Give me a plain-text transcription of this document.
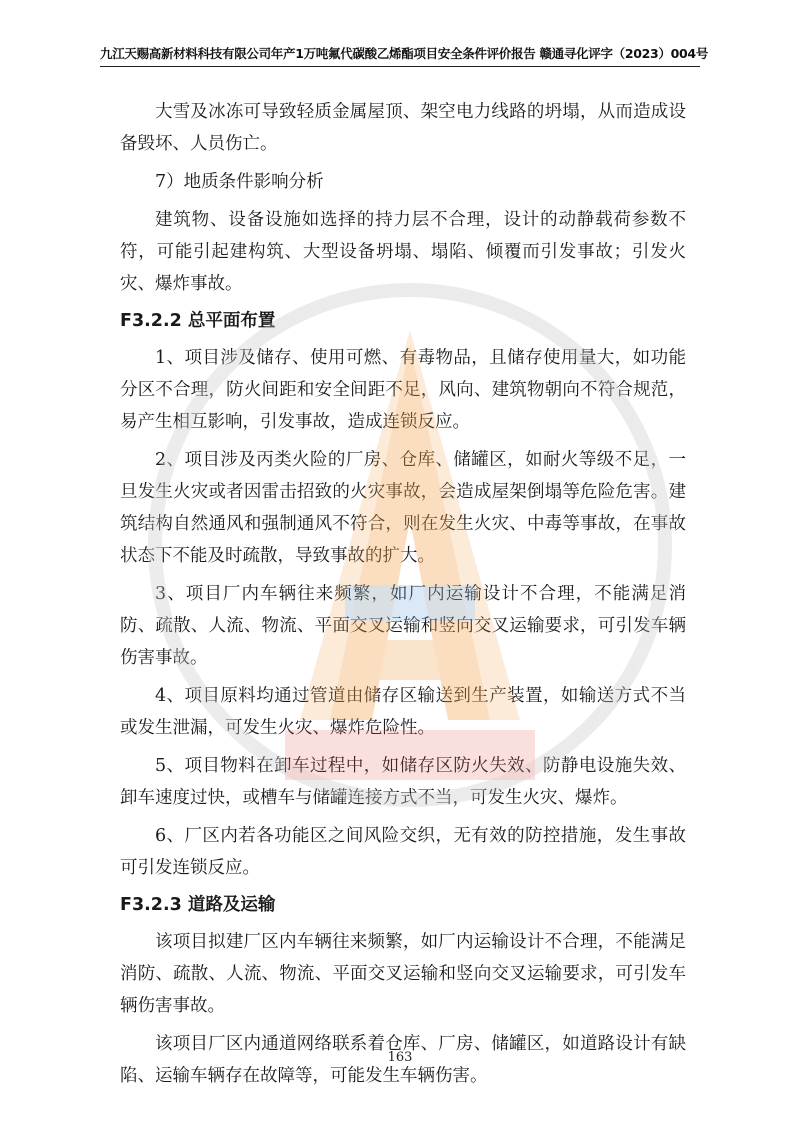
九江天赐高新材料科技有限公司年产1万吨氟代碳酸乙烯酯项目安全条件评价报告 赣通寻化评字（2023）004号

大雪及冰冻可导致轻质金属屋顶、架空电力线路的坍塌，从而造成设备毁坏、人员伤亡。

7）地质条件影响分析

建筑物、设备设施如选择的持力层不合理，设计的动静载荷参数不符，可能引起建构筑、大型设备坍塌、塌陷、倾覆而引发事故；引发火灾、爆炸事故。

F3.2.2 总平面布置

1、项目涉及储存、使用可燃、有毒物品，且储存使用量大，如功能分区不合理，防火间距和安全间距不足，风向、建筑物朝向不符合规范，易产生相互影响，引发事故，造成连锁反应。

2、项目涉及丙类火险的厂房、仓库、储罐区，如耐火等级不足，一旦发生火灾或者因雷击招致的火灾事故，会造成屋架倒塌等危险危害。建筑结构自然通风和强制通风不符合，则在发生火灾、中毒等事故，在事故状态下不能及时疏散，导致事故的扩大。

3、项目厂内车辆往来频繁，如厂内运输设计不合理，不能满足消防、疏散、人流、物流、平面交叉运输和竖向交叉运输要求，可引发车辆伤害事故。

4、项目原料均通过管道由储存区输送到生产装置，如输送方式不当或发生泄漏，可发生火灾、爆炸危险性。

5、项目物料在卸车过程中，如储存区防火失效、防静电设施失效、卸车速度过快，或槽车与储罐连接方式不当，可发生火灾、爆炸。

6、厂区内若各功能区之间风险交织，无有效的防控措施，发生事故可引发连锁反应。

F3.2.3 道路及运输

该项目拟建厂区内车辆往来频繁，如厂内运输设计不合理，不能满足消防、疏散、人流、物流、平面交叉运输和竖向交叉运输要求，可引发车辆伤害事故。

该项目厂区内通道网络联系着仓库、厂房、储罐区，如道路设计有缺陷、运输车辆存在故障等，可能发生车辆伤害。

163
